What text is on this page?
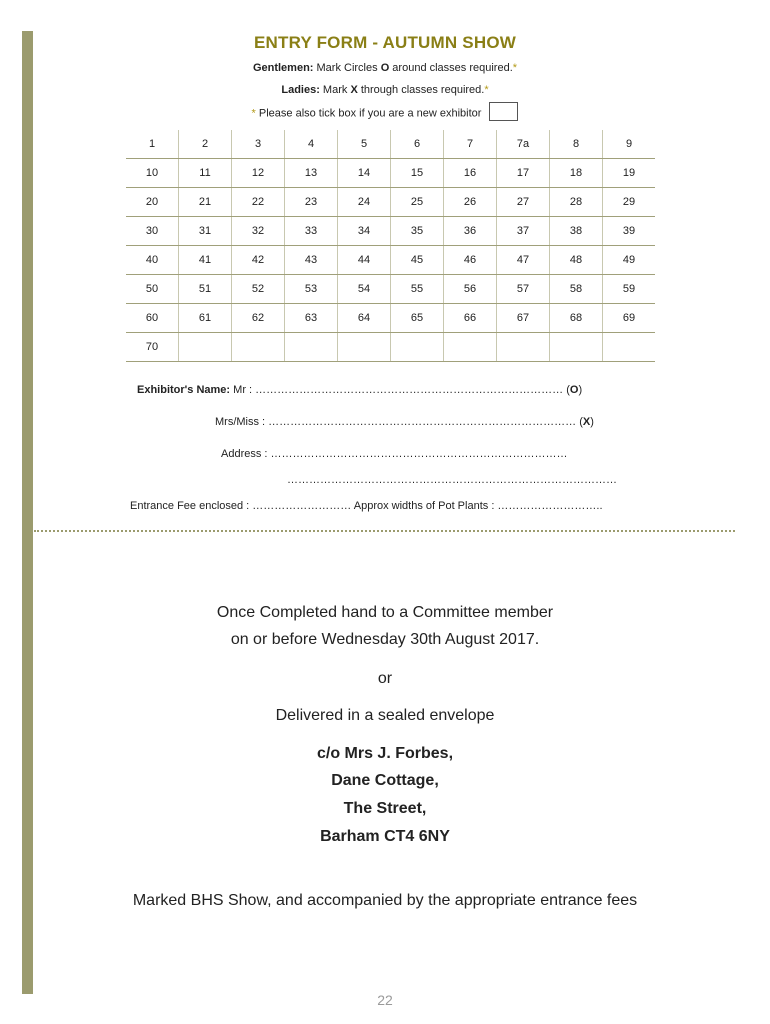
ENTRY FORM - AUTUMN SHOW
Gentlemen: Mark Circles O around classes required.*
Ladies: Mark X through classes required.*
* Please also tick box if you are a new exhibitor
1	2	3	4	5	6	7	7a	8	9
10	11	12	13	14	15	16	17	18	19
20	21	22	23	24	25	26	27	28	29
30	31	32	33	34	35	36	37	38	39
40	41	42	43	44	45	46	47	48	49
50	51	52	53	54	55	56	57	58	59
60	61	62	63	64	65	66	67	68	69
70									
Exhibitor's Name: Mr : ………………………………………………………………………… (O)
Mrs/Miss : ………………………………………………………………………… (X)
Address : ………………………………………………………………………
………………………………………………………………………………
Entrance Fee enclosed : ……………………… Approx widths of Pot Plants : ………………………..
Once Completed hand to a Committee member
on or before Wednesday 30th August 2017.
or
Delivered in a sealed envelope
c/o Mrs J. Forbes,
Dane Cottage,
The Street,
Barham CT4 6NY
Marked BHS Show, and accompanied by the appropriate entrance fees
22
